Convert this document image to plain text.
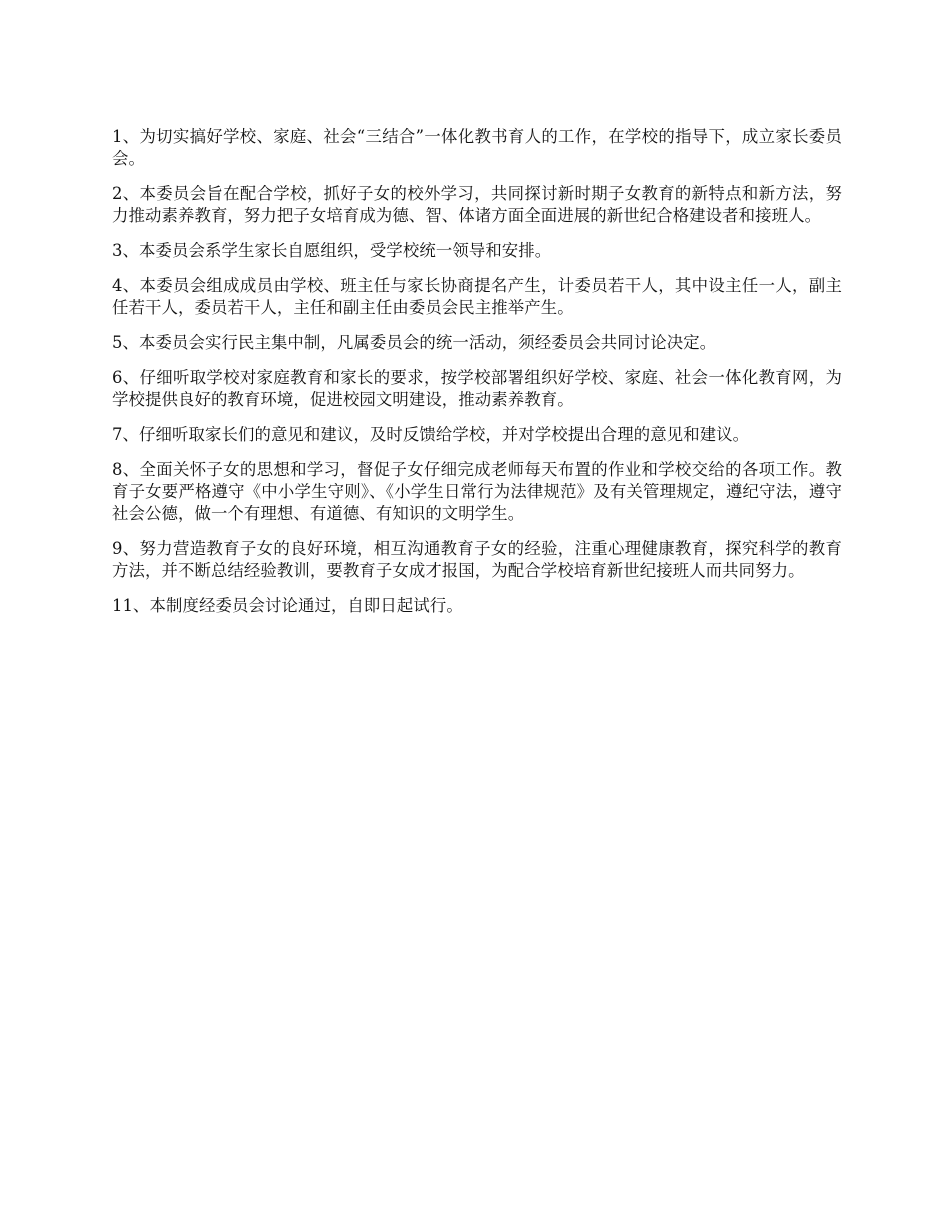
1、为切实搞好学校、家庭、社会“三结合”一体化教书育人的工作，在学校的指导下，成立家长委员会。

2、本委员会旨在配合学校，抓好子女的校外学习，共同探讨新时期子女教育的新特点和新方法，努力推动素养教育，努力把子女培育成为德、智、体诸方面全面进展的新世纪合格建设者和接班人。

3、本委员会系学生家长自愿组织，受学校统一领导和安排。

4、本委员会组成成员由学校、班主任与家长协商提名产生，计委员若干人，其中设主任一人，副主任若干人，委员若干人，主任和副主任由委员会民主推举产生。

5、本委员会实行民主集中制，凡属委员会的统一活动，须经委员会共同讨论决定。

6、仔细听取学校对家庭教育和家长的要求，按学校部署组织好学校、家庭、社会一体化教育网，为学校提供良好的教育环境，促进校园文明建设，推动素养教育。

7、仔细听取家长们的意见和建议，及时反馈给学校，并对学校提出合理的意见和建议。

8、全面关怀子女的思想和学习，督促子女仔细完成老师每天布置的作业和学校交给的各项工作。教育子女要严格遵守《中小学生守则》、《小学生日常行为法律规范》及有关管理规定，遵纪守法，遵守社会公德，做一个有理想、有道德、有知识的文明学生。

9、努力营造教育子女的良好环境，相互沟通教育子女的经验，注重心理健康教育，探究科学的教育方法，并不断总结经验教训，要教育子女成才报国，为配合学校培育新世纪接班人而共同努力。

11、本制度经委员会讨论通过，自即日起试行。
